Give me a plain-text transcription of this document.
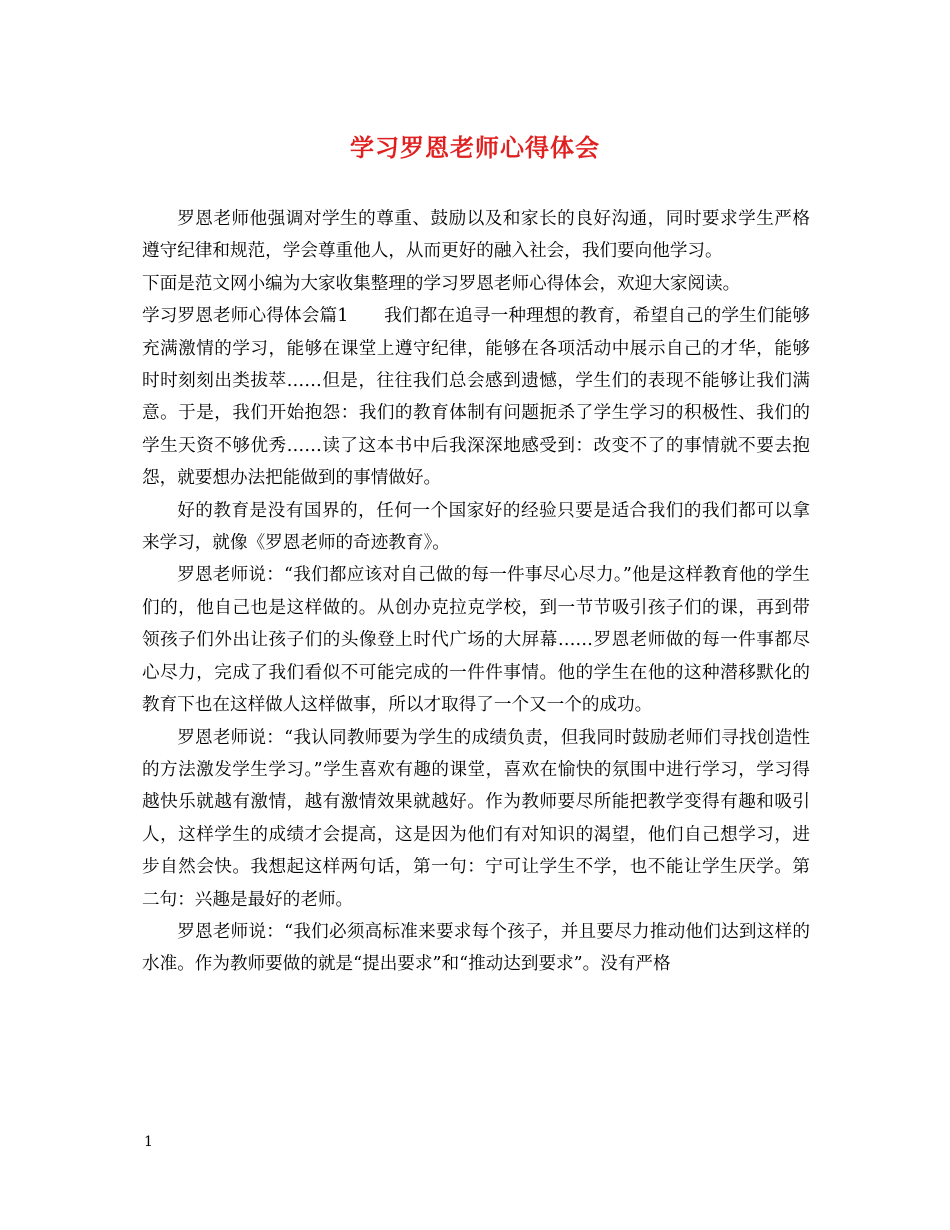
学习罗恩老师心得体会

罗恩老师他强调对学生的尊重、鼓励以及和家长的良好沟通，同时要求学生严格遵守纪律和规范，学会尊重他人，从而更好的融入社会，我们要向他学习。

下面是范文网小编为大家收集整理的学习罗恩老师心得体会，欢迎大家阅读。

学习罗恩老师心得体会篇1　　我们都在追寻一种理想的教育，希望自己的学生们能够充满激情的学习，能够在课堂上遵守纪律，能够在各项活动中展示自己的才华，能够时时刻刻出类拔萃……但是，往往我们总会感到遗憾，学生们的表现不能够让我们满意。于是，我们开始抱怨：我们的教育体制有问题扼杀了学生学习的积极性、我们的学生天资不够优秀……读了这本书中后我深深地感受到：改变不了的事情就不要去抱怨，就要想办法把能做到的事情做好。

好的教育是没有国界的，任何一个国家好的经验只要是适合我们的我们都可以拿来学习，就像《罗恩老师的奇迹教育》。

罗恩老师说：“我们都应该对自己做的每一件事尽心尽力。”他是这样教育他的学生们的，他自己也是这样做的。从创办克拉克学校，到一节节吸引孩子们的课，再到带领孩子们外出让孩子们的头像登上时代广场的大屏幕……罗恩老师做的每一件事都尽心尽力，完成了我们看似不可能完成的一件件事情。他的学生在他的这种潜移默化的教育下也在这样做人这样做事，所以才取得了一个又一个的成功。

罗恩老师说：“我认同教师要为学生的成绩负责，但我同时鼓励老师们寻找创造性的方法激发学生学习。”学生喜欢有趣的课堂，喜欢在愉快的氛围中进行学习，学习得越快乐就越有激情，越有激情效果就越好。作为教师要尽所能把教学变得有趣和吸引人，这样学生的成绩才会提高，这是因为他们有对知识的渴望，他们自己想学习，进步自然会快。我想起这样两句话，第一句：宁可让学生不学，也不能让学生厌学。第二句：兴趣是最好的老师。

罗恩老师说：“我们必须高标准来要求每个孩子，并且要尽力推动他们达到这样的水准。作为教师要做的就是“提出要求”和“推动达到要求”。没有严格

1
